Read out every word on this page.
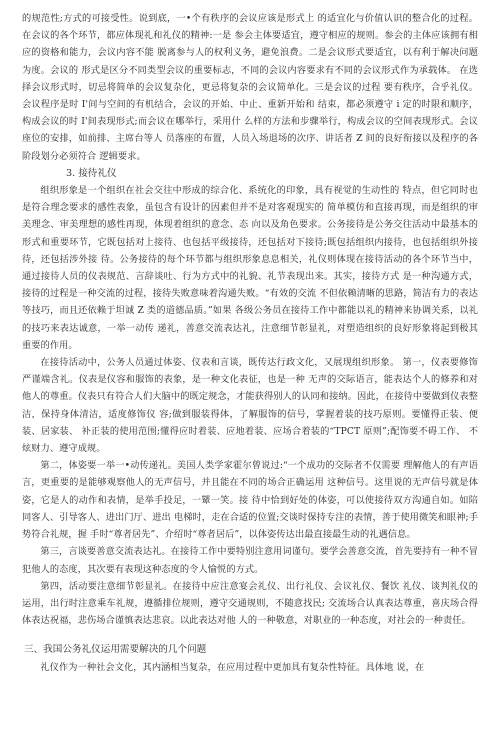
的规范性;方式的可接受性。说到底，一•个有秩序的会议应该是形式上 的适宜化与价值认识的整合化的过程。在会议的各个环节，都应体现礼和礼仪的精神:一是 参会主体要适宜，遵守相应的规则。参会的主体应该拥有相应的资格和能力，会议内容不能 脱离参与人的权利义务，避免浪费。二是会议形式要适宜，以有利于解决问题为度。会议的 形式是区分不同类型会议的重要标志，不同的会议内容要求有不同的会议形式作为承载体。 在选择会议形式时，切忌将简单的会议复杂化，更忌将复杂的会议简单化。三是会议的过程 要有秩序，合乎礼仪。会议程序是时 I'间与空间的有机结合，会议的开始、中止、重新开始和 结束，都必须遵守 i 定的时限和顺序，构成会议的时 I'间表现形式;而会议在哪举行，采用什 么样的方法和步骤举行，构成会议的空间表现形式。会议座位的安排，如前排、主席台等人 员落座的布置，人员入场退场的次序、讲话者 Z 间的良好衔接以及程序的各阶段划分必须符合 逻辑要求。

3. 接待礼仪

组织形象是一个组织在社会交往中形成的综合化、系统化的印象，具有视觉的生动性的 特点，但它同时也是符合理念要求的感性表象，虽包含有设计的因素但并不是对客观现实的 简单模仿和直接再现，而是组织的审美理念、审美理想的感性再现，体现着组织的意念、态 向以及角色要求。公务接待是公务交往活动中最基本的形式和重要环节，它既包括对上接待、也包括平级接待，还包括对下接待;既包括组织内接待，也包括组织外接待，还包括涉外接 待。公务接待的每个环节都与组织形象息息相关，礼仪则体现在接待活动的各个环节当中， 通过接待人员的仪表规范、言辞谈吐、行为方式中的礼貌、礼节表现出来。其实，接待方式 是一种沟通方式，接待的过程是一种交流的过程，接待失败意味着沟通失败。“有效的交流 不但依赖清晰的思路，简洁有力的表达等技巧，而且还依赖于坦诚 Z 类的道德品质。”如果 各级公务员在接待工作中都能以礼的精神来协调关系，以礼的技巧来表达诚意，一举一动传 递礼，善意交流表达礼，注意细节彰显礼，对塑造组织的良好形象将起到极其重要的作用。

在接待活动中，公务人员通过体姿、仪表和言谈，既传达行政文化，又展现组织形象。 第一，仪表要修饰严谨端含礼。仪表是仪容和服饰的表象，是一种文化表征，也是一种 无声的交际语言，能表达个人的修养和对他人的尊重。仪表只有符合人们大脑中的既定规念，才能获得别人的认同和接纳。因此，在接待中要做到仪表整洁，保持身体清洁，适度修饰仪 容;做到服装得体，了解服饰的信号，掌握着装的技巧原则。要懂得正装、便装、居家装、 补正装的使用范围;懂得应时着装、应地着装、应场合着装的“TPCT 原则”;配饰要不碍工作、 不炫财力、遵守成规。

第二，体姿要一举一•动传递礼。美国人类学家霍尔曾说过:“一个成功的交际者不仅需要 理解他人的有声语言，更重要的是能够观察他人的无声信号，并且能在不同的场合正确运用 这种信号。这里说的无声信号就是体姿，它是人的动作和表情，是举手投足，一颦一笑。接 待中恰到好处的体姿，可以使接待双方沟通自如。如陪同客人、引导客人、进出门厅、进出 电梯时，走在合适的位置;交谈时保持专注的表情，善于使用微笑和眼神;手势符合礼规，握 手时“尊者居先”、介绍时“尊者居后”，以体姿传达出最直接最生动的礼遇信息。

第三，言谈要善意交流表达礼。在接待工作中要特别注意用词谨句。要学会善意交流，首先要持有一种不冒犯他人的态度，其次要有表现这种态度的令人愉悦的方式。

第四，活动要注意细节彰显礼。在接待中应注意宴会礼仪、出行礼仪、会议礼仪、餐饮 礼仪、谈判礼仪的运用，出行时注意乘车礼规，遵循排位规则，遵守交通规则，不随意找民; 交流场合认真表达尊重，喜庆场合得体表达祝福，悲伤场合谨慎表达悲哀。以此表达对他 人的一种敬意，对职业的一种态度，对社会的一种责任。

三、我国公务礼仪运用需要解决的几个问题

礼仪作为一种社会文化，其内涵相当复杂，在应用过程中更加具有复杂性特征。具体地 说，在
